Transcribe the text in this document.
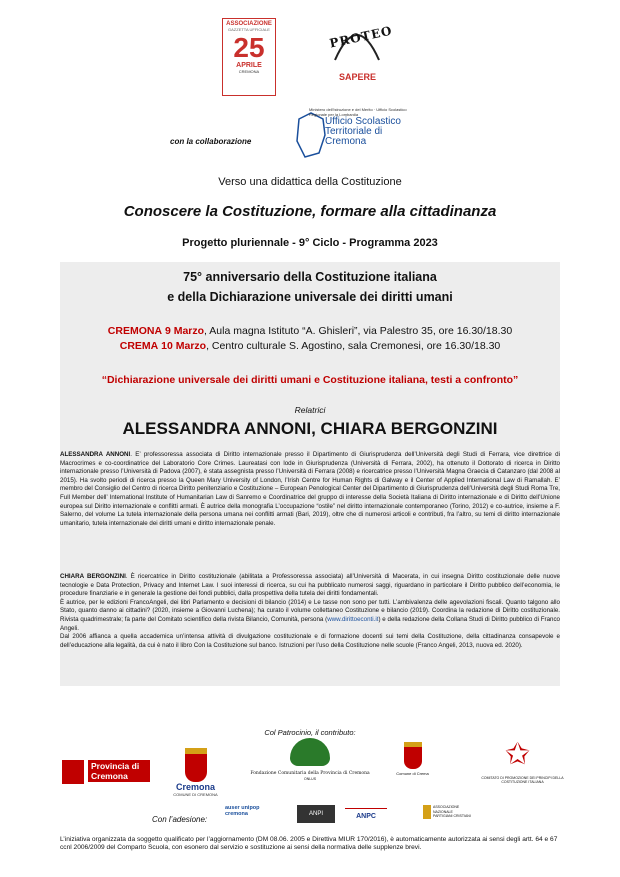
ASSOCIAZIONE
GAZZETTA UFFICIALE
25
APRILE
CREMONA
PROTEO
SAPERE
con la collaborazione
Ministero dell'Istruzione e del Merito · Ufficio Scolastico Regionale per la Lombardia
Ufficio Scolastico Territoriale di Cremona
Verso una didattica della Costituzione
Conoscere la Costituzione, formare alla cittadinanza
Progetto pluriennale - 9° Ciclo - Programma 2023
75° anniversario della Costituzione italiana
e della Dichiarazione universale dei diritti umani
CREMONA 9 Marzo, Aula magna Istituto “A. Ghisleri”, via Palestro 35, ore 16.30/18.30
CREMA 10 Marzo, Centro culturale S. Agostino, sala Cremonesi, ore 16.30/18.30
“Dichiarazione universale dei diritti umani e Costituzione italiana, testi a confronto”
Relatrici
ALESSANDRA ANNONI, CHIARA BERGONZINI
ALESSANDRA ANNONI. E’ professoressa associata di Diritto internazionale presso il Dipartimento di Giurisprudenza dell’Università degli Studi di Ferrara, vice direttrice di Macrocrimes e co-coordinatrice del Laboratorio Core Crimes. Laureatasi con lode in Giurisprudenza (Università di Ferrara, 2002), ha ottenuto il Dottorato di ricerca in Diritto internazionale presso l’Università di Padova (2007), è stata assegnista presso l’Università di Ferrara (2008) e ricercatrice presso l’Università Magna Graecia di Catanzaro (dal 2008 al 2015). Ha svolto periodi di ricerca presso la Queen Mary University of London, l’Irish Centre for Human Rights di Galway e il Center of Applied International Law di Ramallah. E’ membro del Consiglio del Centro di ricerca Diritto penitenziario e Costituzione – European Penological Center del Dipartimento di Giurisprudenza dell’Università degli Studi Roma Tre, Full Member dell’ International Institute of Humanitarian Law di Sanremo e Coordinatrice del gruppo di interesse della Società Italiana di Diritto internazionale e di Diritto dell’Unione europea sul Diritto internazionale e conflitti armati. È autrice della monografia L’occupazione “ostile” nel diritto internazionale contemporaneo (Torino, 2012) e co-autrice, insieme a F. Salerno, del volume La tutela internazionale della persona umana nei conflitti armati (Bari, 2019), oltre che di numerosi articoli e contributi, fra l’altro, su temi di diritto internazionale umanitario, tutela internazionale dei diritti umani e diritto internazionale penale.
CHIARA BERGONZINI. È ricercatrice in Diritto costituzionale (abilitata a Professoressa associata) all’Università di Macerata, in cui insegna Diritto costituzionale delle nuove tecnologie e Data Protection, Privacy and Internet Law. I suoi interessi di ricerca, su cui ha pubblicato numerosi saggi, riguardano in particolare il Diritto pubblico dell’economia, le procedure finanziarie e in generale la gestione dei fondi pubblici, dalla prospettiva della tutela dei diritti fondamentali.
È autrice, per le edizioni FrancoAngeli, dei libri Parlamento e decisioni di bilancio (2014) e Le tasse non sono per tutti. L’ambivalenza delle agevolazioni fiscali. Quanto talgono allo Stato, quanto danno ai cittadini? (2020, insieme a Giovanni Luchena); ha curato il volume collettaneo Costituzione e bilancio (2019). Coordina la redazione di Diritto costituzionale. Rivista quadrimestrale; fa parte del Comitato scientifico della rivista Bilancio, Comunità, persona (www.dirittoeconti.it) e della redazione della Collana Studi di Diritto pubblico di Franco Angeli.
Dal 2006 affianca a quella accademica un’intensa attività di divulgazione costituzionale e di formazione docenti sui temi della Costituzione, della cittadinanza consapevole e dell’educazione alla legalità, da cui è nato il libro Con la Costituzione sul banco. Istruzioni per l’uso della Costituzione nelle scuole (Franco Angeli, 2013, nuova ed. 2020).
Col Patrocinio, il contributo:
Provincia di Cremona
Cremona
COMUNE DI CREMONA
Fondazione Comunitaria della Provincia di Cremona
ONLUS
Comune di Crema
✩
COMITATO DI PROMOZIONE DEI PRINCIPI DELLA COSTITUZIONE ITALIANA
Con l’adesione:
auser unipop cremona	ANPI	ANPC
ASSOCIAZIONE NAZIONALE PARTIGIANI CRISTIANI
L’iniziativa organizzata da soggetto qualificato per l’aggiornamento (DM 08.06. 2005 e Direttiva MIUR 170/2016), è automaticamente autorizzata ai sensi degli artt. 64 e 67 ccnl 2006/2009 del Comparto Scuola, con esonero dal servizio e sostituzione ai sensi della normativa delle supplenze brevi.
